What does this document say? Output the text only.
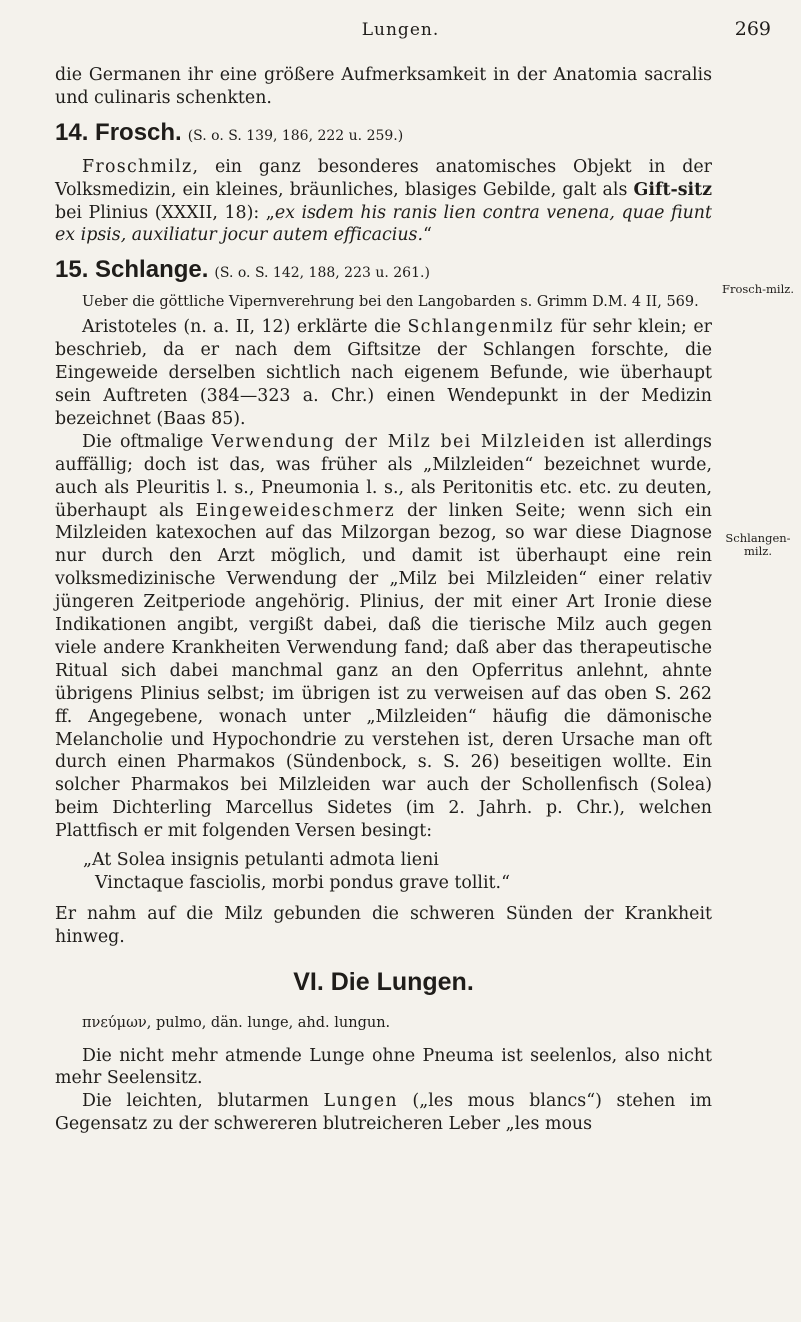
Lungen.	269
Frosch-milz.
Schlangen-milz.

die Germanen ihr eine größere Aufmerksamkeit in der Anatomia sacralis und culinaris schenkten.

14. Frosch. (S. o. S. 139, 186, 222 u. 259.)

Froschmilz, ein ganz besonderes anatomisches Objekt in der Volksmedizin, ein kleines, bräunliches, blasiges Gebilde, galt als Gift-sitz bei Plinius (XXXII, 18): „ex isdem his ranis lien contra venena, quae fiunt ex ipsis, auxiliatur jocur autem efficacius.“

15. Schlange. (S. o. S. 142, 188, 223 u. 261.)

Ueber die göttliche Vipernverehrung bei den Langobarden s. Grimm D.M. 4 II, 569.

Aristoteles (n. a. II, 12) erklärte die Schlangenmilz für sehr klein; er beschrieb, da er nach dem Giftsitze der Schlangen forschte, die Eingeweide derselben sichtlich nach eigenem Befunde, wie überhaupt sein Auftreten (384—323 a. Chr.) einen Wendepunkt in der Medizin bezeichnet (Baas 85).

Die oftmalige Verwendung der Milz bei Milzleiden ist allerdings auffällig; doch ist das, was früher als „Milzleiden“ bezeichnet wurde, auch als Pleuritis l. s., Pneumonia l. s., als Peritonitis etc. etc. zu deuten, überhaupt als Eingeweideschmerz der linken Seite; wenn sich ein Milzleiden katexochen auf das Milzorgan bezog, so war diese Diagnose nur durch den Arzt möglich, und damit ist überhaupt eine rein volksmedizinische Verwendung der „Milz bei Milzleiden“ einer relativ jüngeren Zeitperiode angehörig. Plinius, der mit einer Art Ironie diese Indikationen angibt, vergißt dabei, daß die tierische Milz auch gegen viele andere Krankheiten Verwendung fand; daß aber das therapeutische Ritual sich dabei manchmal ganz an den Opferritus anlehnt, ahnte übrigens Plinius selbst; im übrigen ist zu verweisen auf das oben S. 262 ff. Angegebene, wonach unter „Milzleiden“ häufig die dämonische Melancholie und Hypochondrie zu verstehen ist, deren Ursache man oft durch einen Pharmakos (Sündenbock, s. S. 26) beseitigen wollte. Ein solcher Pharmakos bei Milzleiden war auch der Schollenfisch (Solea) beim Dichterling Marcellus Sidetes (im 2. Jahrh. p. Chr.), welchen Plattfisch er mit folgenden Versen besingt:

„At Solea insignis petulanti admota lieni
Vinctaque fasciolis, morbi pondus grave tollit.“

Er nahm auf die Milz gebunden die schweren Sünden der Krankheit hinweg.

VI. Die Lungen.

πνεύμων, pulmo, dän. lunge, ahd. lungun.

Die nicht mehr atmende Lunge ohne Pneuma ist seelenlos, also nicht mehr Seelensitz.

Die leichten, blutarmen Lungen („les mous blancs“) stehen im Gegensatz zu der schwereren blutreicheren Leber „les mous
